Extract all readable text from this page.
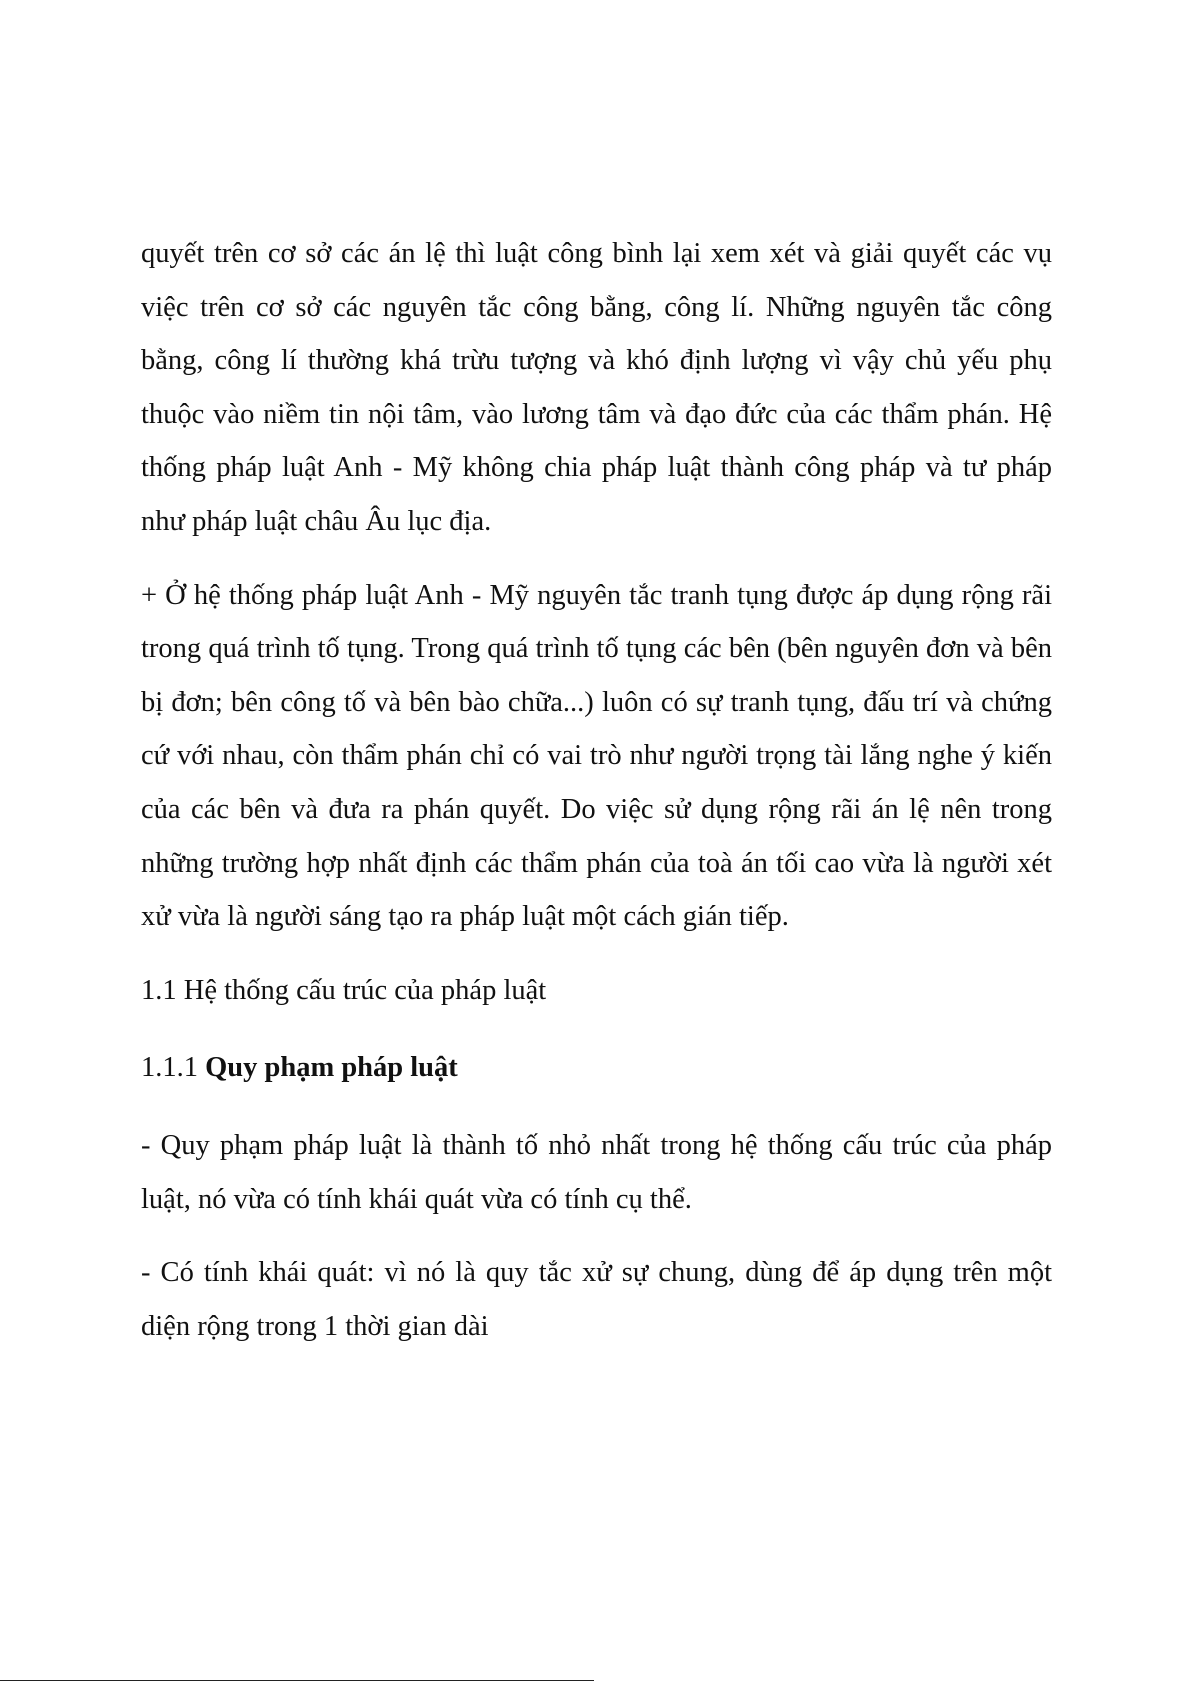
quyết trên cơ sở các án lệ thì luật công bình lại xem xét và giải quyết các vụ việc trên cơ sở các nguyên tắc công bằng, công lí. Những nguyên tắc công bằng, công lí thường khá trừu tượng và khó định lượng vì vậy chủ yếu phụ thuộc vào niềm tin nội tâm, vào lương tâm và đạo đức của các thẩm phán. Hệ thống pháp luật Anh - Mỹ không chia pháp luật thành công pháp và tư pháp như pháp luật châu Âu lục địa.

+ Ở hệ thống pháp luật Anh - Mỹ nguyên tắc tranh tụng được áp dụng rộng rãi trong quá trình tố tụng. Trong quá trình tố tụng các bên (bên nguyên đơn và bên bị đơn; bên công tố và bên bào chữa...) luôn có sự tranh tụng, đấu trí và chứng cứ với nhau, còn thẩm phán chỉ có vai trò như người trọng tài lắng nghe ý kiến của các bên và đưa ra phán quyết. Do việc sử dụng rộng rãi án lệ nên trong những trường hợp nhất định các thẩm phán của toà án tối cao vừa là người xét xử vừa là người sáng tạo ra pháp luật một cách gián tiếp.

1.1 Hệ thống cấu trúc của pháp luật

1.1.1 Quy phạm pháp luật

- Quy phạm pháp luật là thành tố nhỏ nhất trong hệ thống cấu trúc của pháp luật, nó vừa có tính khái quát vừa có tính cụ thể.

- Có tính khái quát: vì nó là quy tắc xử sự chung, dùng để áp dụng trên một diện rộng trong 1 thời gian dài
